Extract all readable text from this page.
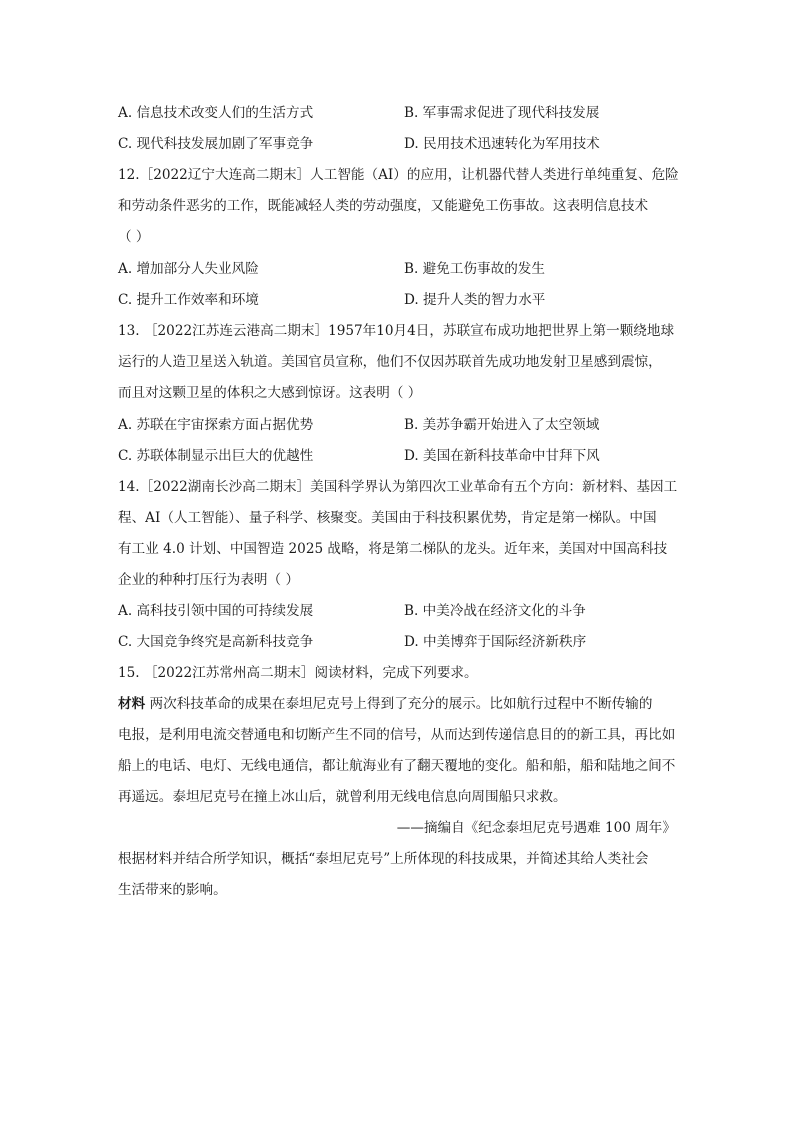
A. 信息技术改变人们的生活方式	B. 军事需求促进了现代科技发展
C. 现代科技发展加剧了军事竞争	D. 民用技术迅速转化为军用技术
12.［2022辽宁大连高二期末］人工智能（AI）的应用，让机器代替人类进行单纯重复、危险
和劳动条件恶劣的工作，既能减轻人类的劳动强度，又能避免工伤事故。这表明信息技术
（ ）
A. 增加部分人失业风险	B. 避免工伤事故的发生
C. 提升工作效率和环境	D. 提升人类的智力水平
13. ［2022江苏连云港高二期末］1957年10月4日，苏联宣布成功地把世界上第一颗绕地球
运行的人造卫星送入轨道。美国官员宣称，他们不仅因苏联首先成功地发射卫星感到震惊，
而且对这颗卫星的体积之大感到惊讶。这表明（ ）
A. 苏联在宇宙探索方面占据优势	B. 美苏争霸开始进入了太空领域
C. 苏联体制显示出巨大的优越性	D. 美国在新科技革命中甘拜下风
14.［2022湖南长沙高二期末］美国科学界认为第四次工业革命有五个方向：新材料、基因工
程、AI（人工智能）、量子科学、核聚变。美国由于科技积累优势，肯定是第一梯队。中国
有工业 4.0 计划、中国智造 2025 战略，将是第二梯队的龙头。近年来，美国对中国高科技
企业的种种打压行为表明（ ）
A. 高科技引领中国的可持续发展	B. 中美冷战在经济文化的斗争
C. 大国竞争终究是高新科技竞争	D. 中美博弈于国际经济新秩序
15. ［2022江苏常州高二期末］阅读材料，完成下列要求。
材料 两次科技革命的成果在泰坦尼克号上得到了充分的展示。比如航行过程中不断传输的
电报，是利用电流交替通电和切断产生不同的信号，从而达到传递信息目的的新工具，再比如
船上的电话、电灯、无线电通信，都让航海业有了翻天覆地的变化。船和船，船和陆地之间不
再遥远。泰坦尼克号在撞上冰山后，就曾利用无线电信息向周围船只求救。
——摘编自《纪念泰坦尼克号遇难 100 周年》
根据材料并结合所学知识，概括“泰坦尼克号”上所体现的科技成果，并简述其给人类社会
生活带来的影响。
